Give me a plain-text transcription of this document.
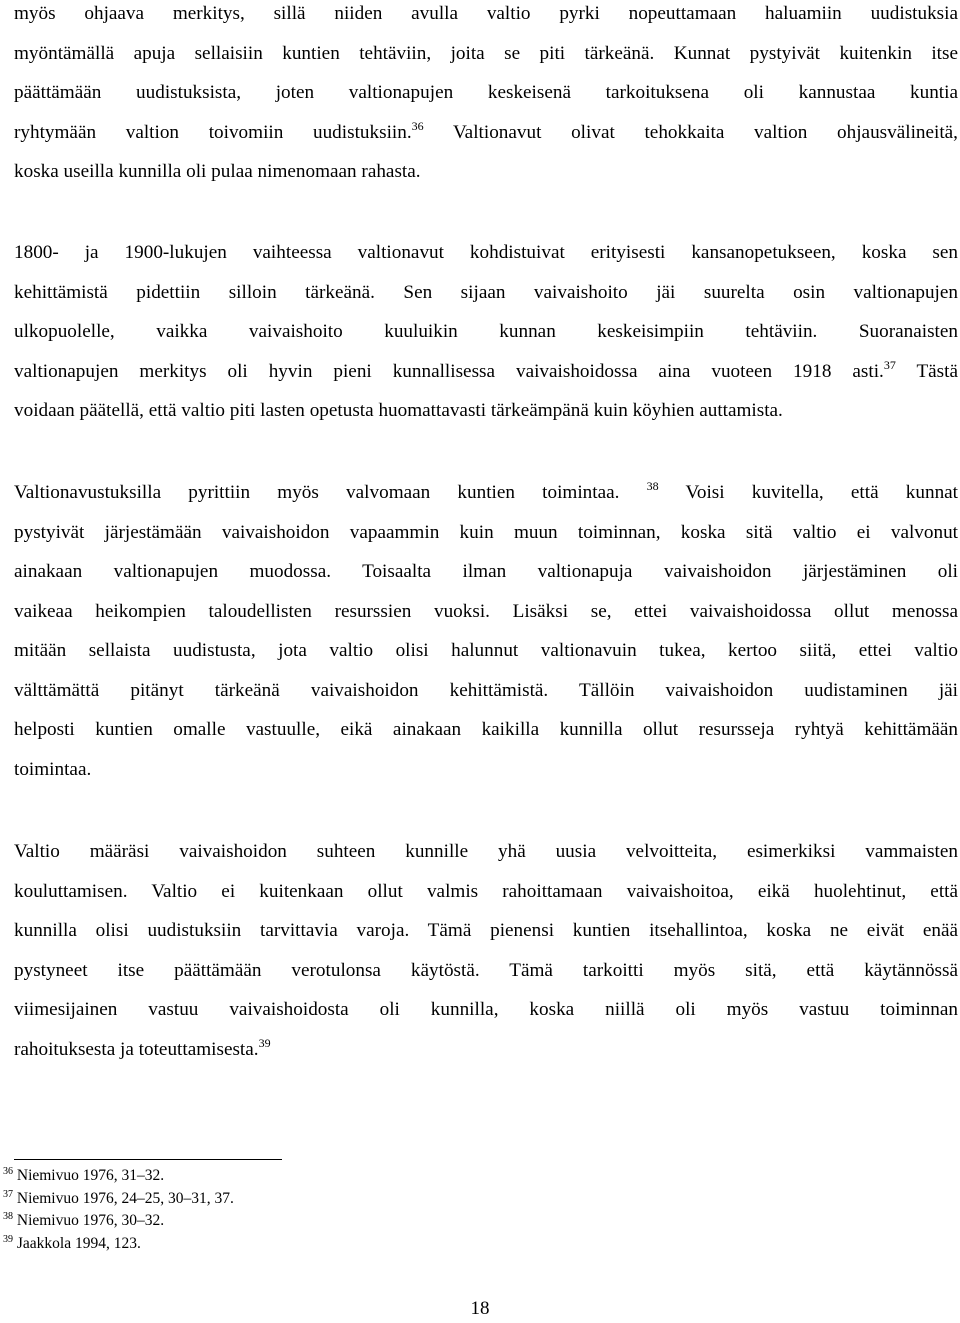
myös ohjaava merkitys, sillä niiden avulla valtio pyrki nopeuttamaan haluamiin uudistuksia
myöntämällä apuja sellaisiin kuntien tehtäviin, joita se piti tärkeänä. Kunnat pystyivät kuitenkin itse
päättämään uudistuksista, joten valtionapujen keskeisenä tarkoituksena oli kannustaa kuntia
ryhtymään valtion toivomiin uudistuksiin.$^{36}$ Valtionavut olivat tehokkaita valtion ohjausvälineitä,
koska useilla kunnilla oli pulaa nimenomaan rahasta.
1800- ja 1900-lukujen vaihteessa valtionavut kohdistuivat erityisesti kansanopetukseen, koska sen
kehittämistä pidettiin silloin tärkeänä. Sen sijaan vaivaishoito jäi suurelta osin valtionapujen
ulkopuolelle, vaikka vaivaishoito kuuluikin kunnan keskeisimpiin tehtäviin. Suoranaisten
valtionapujen merkitys oli hyvin pieni kunnallisessa vaivaishoidossa aina vuoteen 1918 asti.$^{37}$ Tästä
voidaan päätellä, että valtio piti lasten opetusta huomattavasti tärkeämpänä kuin köyhien auttamista.
Valtionavustuksilla pyrittiin myös valvomaan kuntien toimintaa. $^{38}$ Voisi kuvitella, että kunnat
pystyivät järjestämään vaivaishoidon vapaammin kuin muun toiminnan, koska sitä valtio ei valvonut
ainakaan valtionapujen muodossa. Toisaalta ilman valtionapuja vaivaishoidon järjestäminen oli
vaikeaa heikompien taloudellisten resurssien vuoksi. Lisäksi se, ettei vaivaishoidossa ollut menossa
mitään sellaista uudistusta, jota valtio olisi halunnut valtionavuin tukea, kertoo siitä, ettei valtio
välttämättä pitänyt tärkeänä vaivaishoidon kehittämistä. Tällöin vaivaishoidon uudistaminen jäi
helposti kuntien omalle vastuulle, eikä ainakaan kaikilla kunnilla ollut resursseja ryhtyä kehittämään
toimintaa.
Valtio määräsi vaivaishoidon suhteen kunnille yhä uusia velvoitteita, esimerkiksi vammaisten
kouluttamisen. Valtio ei kuitenkaan ollut valmis rahoittamaan vaivaishoitoa, eikä huolehtinut, että
kunnilla olisi uudistuksiin tarvittavia varoja. Tämä pienensi kuntien itsehallintoa, koska ne eivät enää
pystyneet itse päättämään verotulonsa käytöstä. Tämä tarkoitti myös sitä, että käytännössä
viimesijainen vastuu vaivaishoidosta oli kunnilla, koska niillä oli myös vastuu toiminnan
rahoituksesta ja toteuttamisesta.$^{39}$
$^{36}$ Niemivuo 1976, 31–32.
$^{37}$ Niemivuo 1976, 24–25, 30–31, 37.
$^{38}$ Niemivuo 1976, 30–32.
$^{39}$ Jaakkola 1994, 123.
18
